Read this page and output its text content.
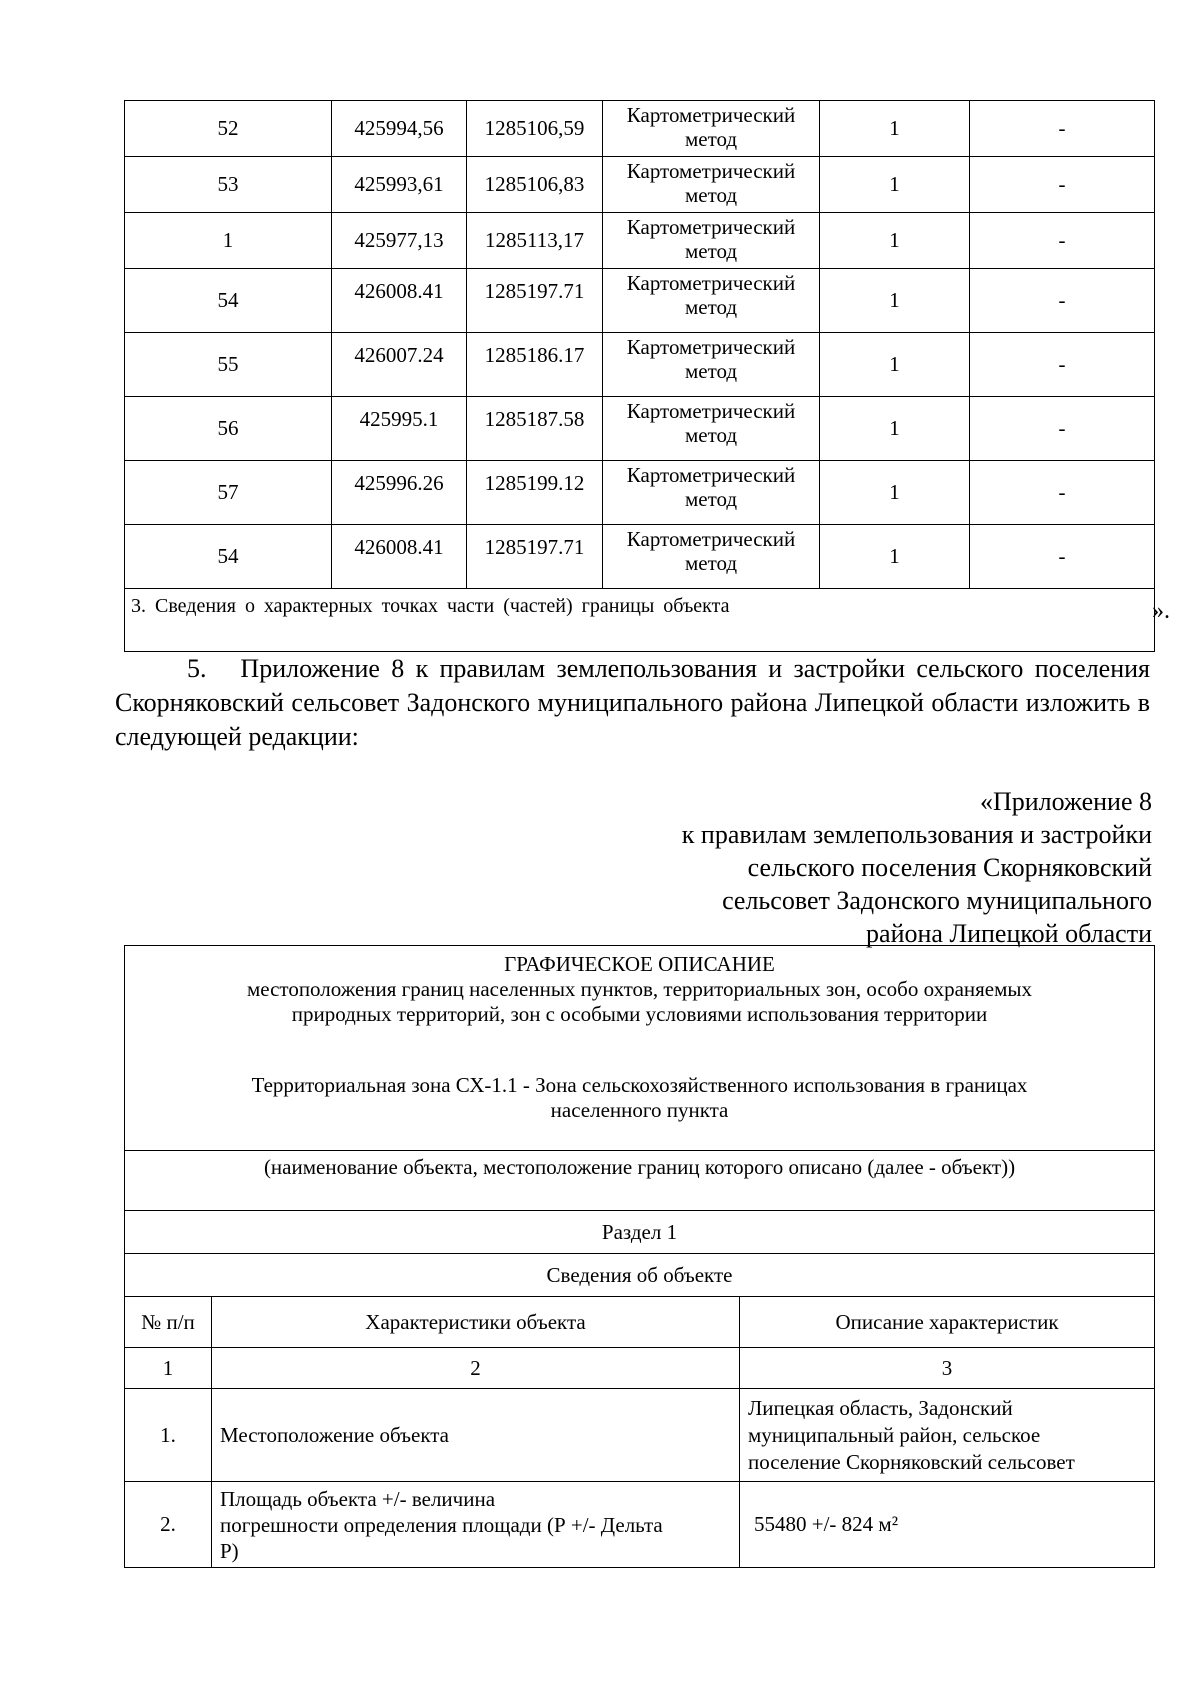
52	425994,56	1285106,59	Картометрический метод	1	-
53	425993,61	1285106,83	Картометрический метод	1	-
1	425977,13	1285113,17	Картометрический метод	1	-
54	426008.41	1285197.71	Картометрический метод	1	-
55	426007.24	1285186.17	Картометрический метод	1	-
56	425995.1	1285187.58	Картометрический метод	1	-
57	425996.26	1285199.12	Картометрический метод	1	-
54	426008.41	1285197.71	Картометрический метод	1	-
3. Сведения о характерных точках части (частей) границы объекта						».
5. Приложение 8 к правилам землепользования и застройки сельского поселения Скорняковский сельсовет Задонского муниципального района Липецкой области изложить в следующей редакции:
«Приложение 8
к правилам землепользования и застройки
сельского поселения Скорняковский
сельсовет Задонского муниципального
района Липецкой области
ГРАФИЧЕСКОЕ ОПИСАНИЕ
местоположения границ населенных пунктов, территориальных зон, особо охраняемых
природных территорий, зон с особыми условиями использования территории
Территориальная зона СХ-1.1 - Зона сельскохозяйственного использования в границах
населенного пункта		

(наименование объекта, местоположение границ которого описано (далее - объект))		
Раздел 1		
Сведения об объекте		
№ п/п	Характеристики объекта	Описание характеристик
1	2	3
1.	Местоположение объекта	Липецкая область, Задонский
муниципальный район, сельское
поселение Скорняковский сельсовет

2.	Площадь объекта +/- величина
погрешности определения площади (Р +/- Дельта
Р)	55480 +/- 824 м²
